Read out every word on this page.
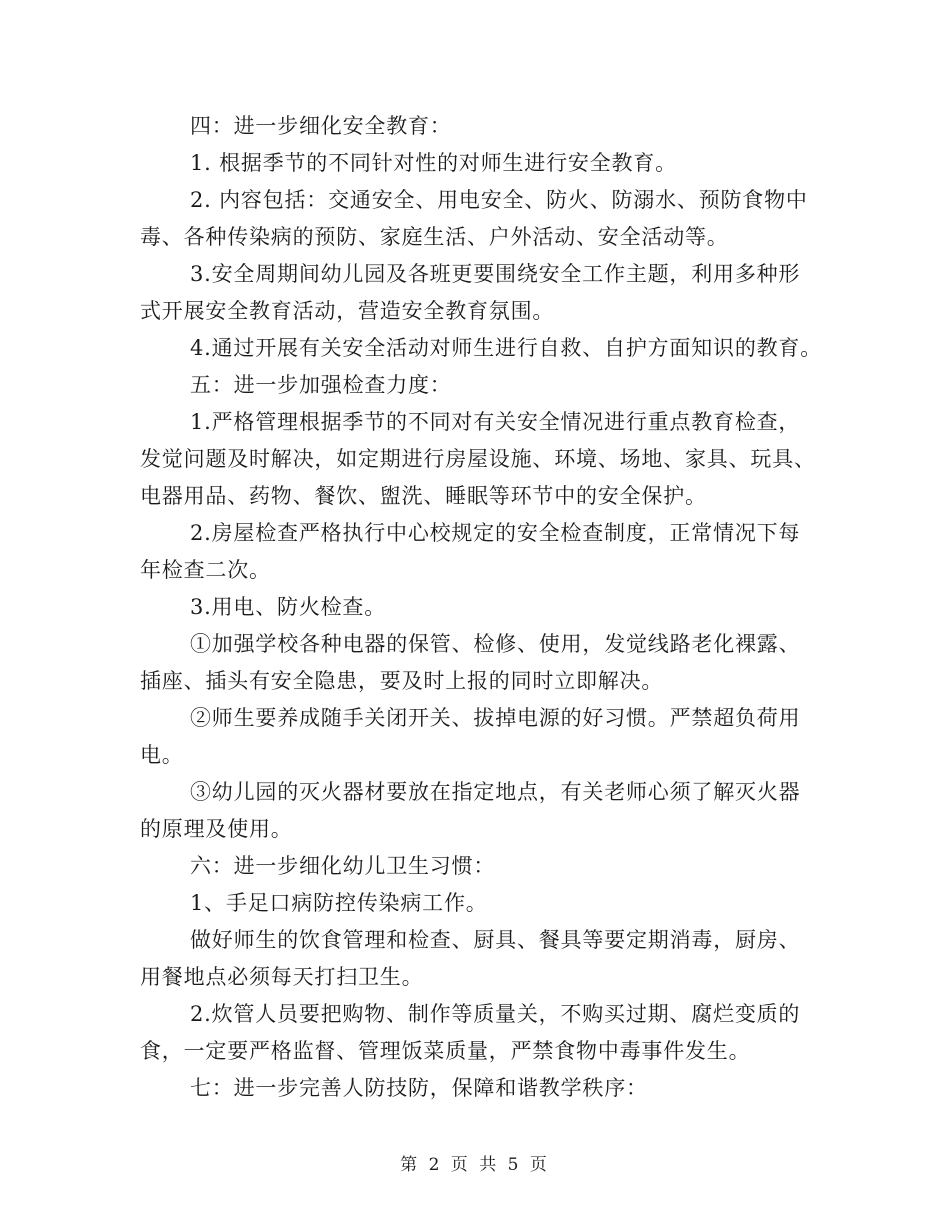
四：进一步细化安全教育：
1. 根据季节的不同针对性的对师生进行安全教育。
2. 内容包括：交通安全、用电安全、防火、防溺水、预防食物中
毒、各种传染病的预防、家庭生活、户外活动、安全活动等。
3.安全周期间幼儿园及各班更要围绕安全工作主题，利用多种形
式开展安全教育活动，营造安全教育氛围。
4.通过开展有关安全活动对师生进行自救、自护方面知识的教育。
五：进一步加强检查力度：
1.严格管理根据季节的不同对有关安全情况进行重点教育检查，
发觉问题及时解决，如定期进行房屋设施、环境、场地、家具、玩具、
电器用品、药物、餐饮、盥洗、睡眠等环节中的安全保护。
2.房屋检查严格执行中心校规定的安全检查制度，正常情况下每
年检查二次。
3.用电、防火检查。
①加强学校各种电器的保管、检修、使用，发觉线路老化裸露、
插座、插头有安全隐患，要及时上报的同时立即解决。
②师生要养成随手关闭开关、拔掉电源的好习惯。严禁超负荷用
电。
③幼儿园的灭火器材要放在指定地点，有关老师心须了解灭火器
的原理及使用。
六：进一步细化幼儿卫生习惯：
1、手足口病防控传染病工作。
做好师生的饮食管理和检查、厨具、餐具等要定期消毒，厨房、
用餐地点必须每天打扫卫生。
2.炊管人员要把购物、制作等质量关，不购买过期、腐烂变质的
食，一定要严格监督、管理饭菜质量，严禁食物中毒事件发生。
七：进一步完善人防技防，保障和谐教学秩序：
第 2 页 共 5 页
